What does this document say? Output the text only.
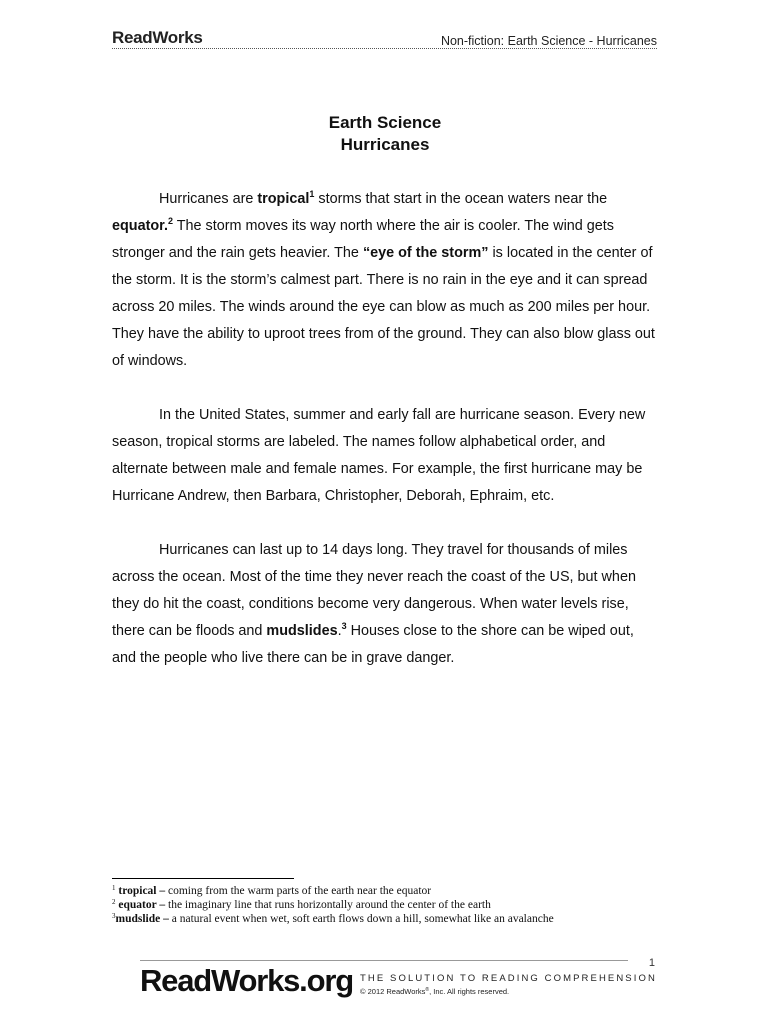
ReadWorks	Non-fiction: Earth Science - Hurricanes
Earth Science
Hurricanes

Hurricanes are tropical$^1$ storms that start in the ocean waters near the equator.$^2$ The storm moves its way north where the air is cooler. The wind gets stronger and the rain gets heavier. The “eye of the storm” is located in the center of the storm. It is the storm’s calmest part. There is no rain in the eye and it can spread across 20 miles. The winds around the eye can blow as much as 200 miles per hour. They have the ability to uproot trees from of the ground. They can also blow glass out of windows.

In the United States, summer and early fall are hurricane season. Every new season, tropical storms are labeled. The names follow alphabetical order, and alternate between male and female names. For example, the first hurricane may be Hurricane Andrew, then Barbara, Christopher, Deborah, Ephraim, etc.

Hurricanes can last up to 14 days long. They travel for thousands of miles across the ocean. Most of the time they never reach the coast of the US, but when they do hit the coast, conditions become very dangerous. When water levels rise, there can be floods and mudslides.$^3$ Houses close to the shore can be wiped out, and the people who live there can be in grave danger.

$^1$ tropical – coming from the warm parts of the earth near the equator
$^2$ equator – the imaginary line that runs horizontally around the center of the earth
$^3$mudslide – a natural event when wet, soft earth flows down a hill, somewhat like an avalanche
1
ReadWorks.org THE SOLUTION TO READING COMPREHENSION
© 2012 ReadWorks®, Inc. All rights reserved.
